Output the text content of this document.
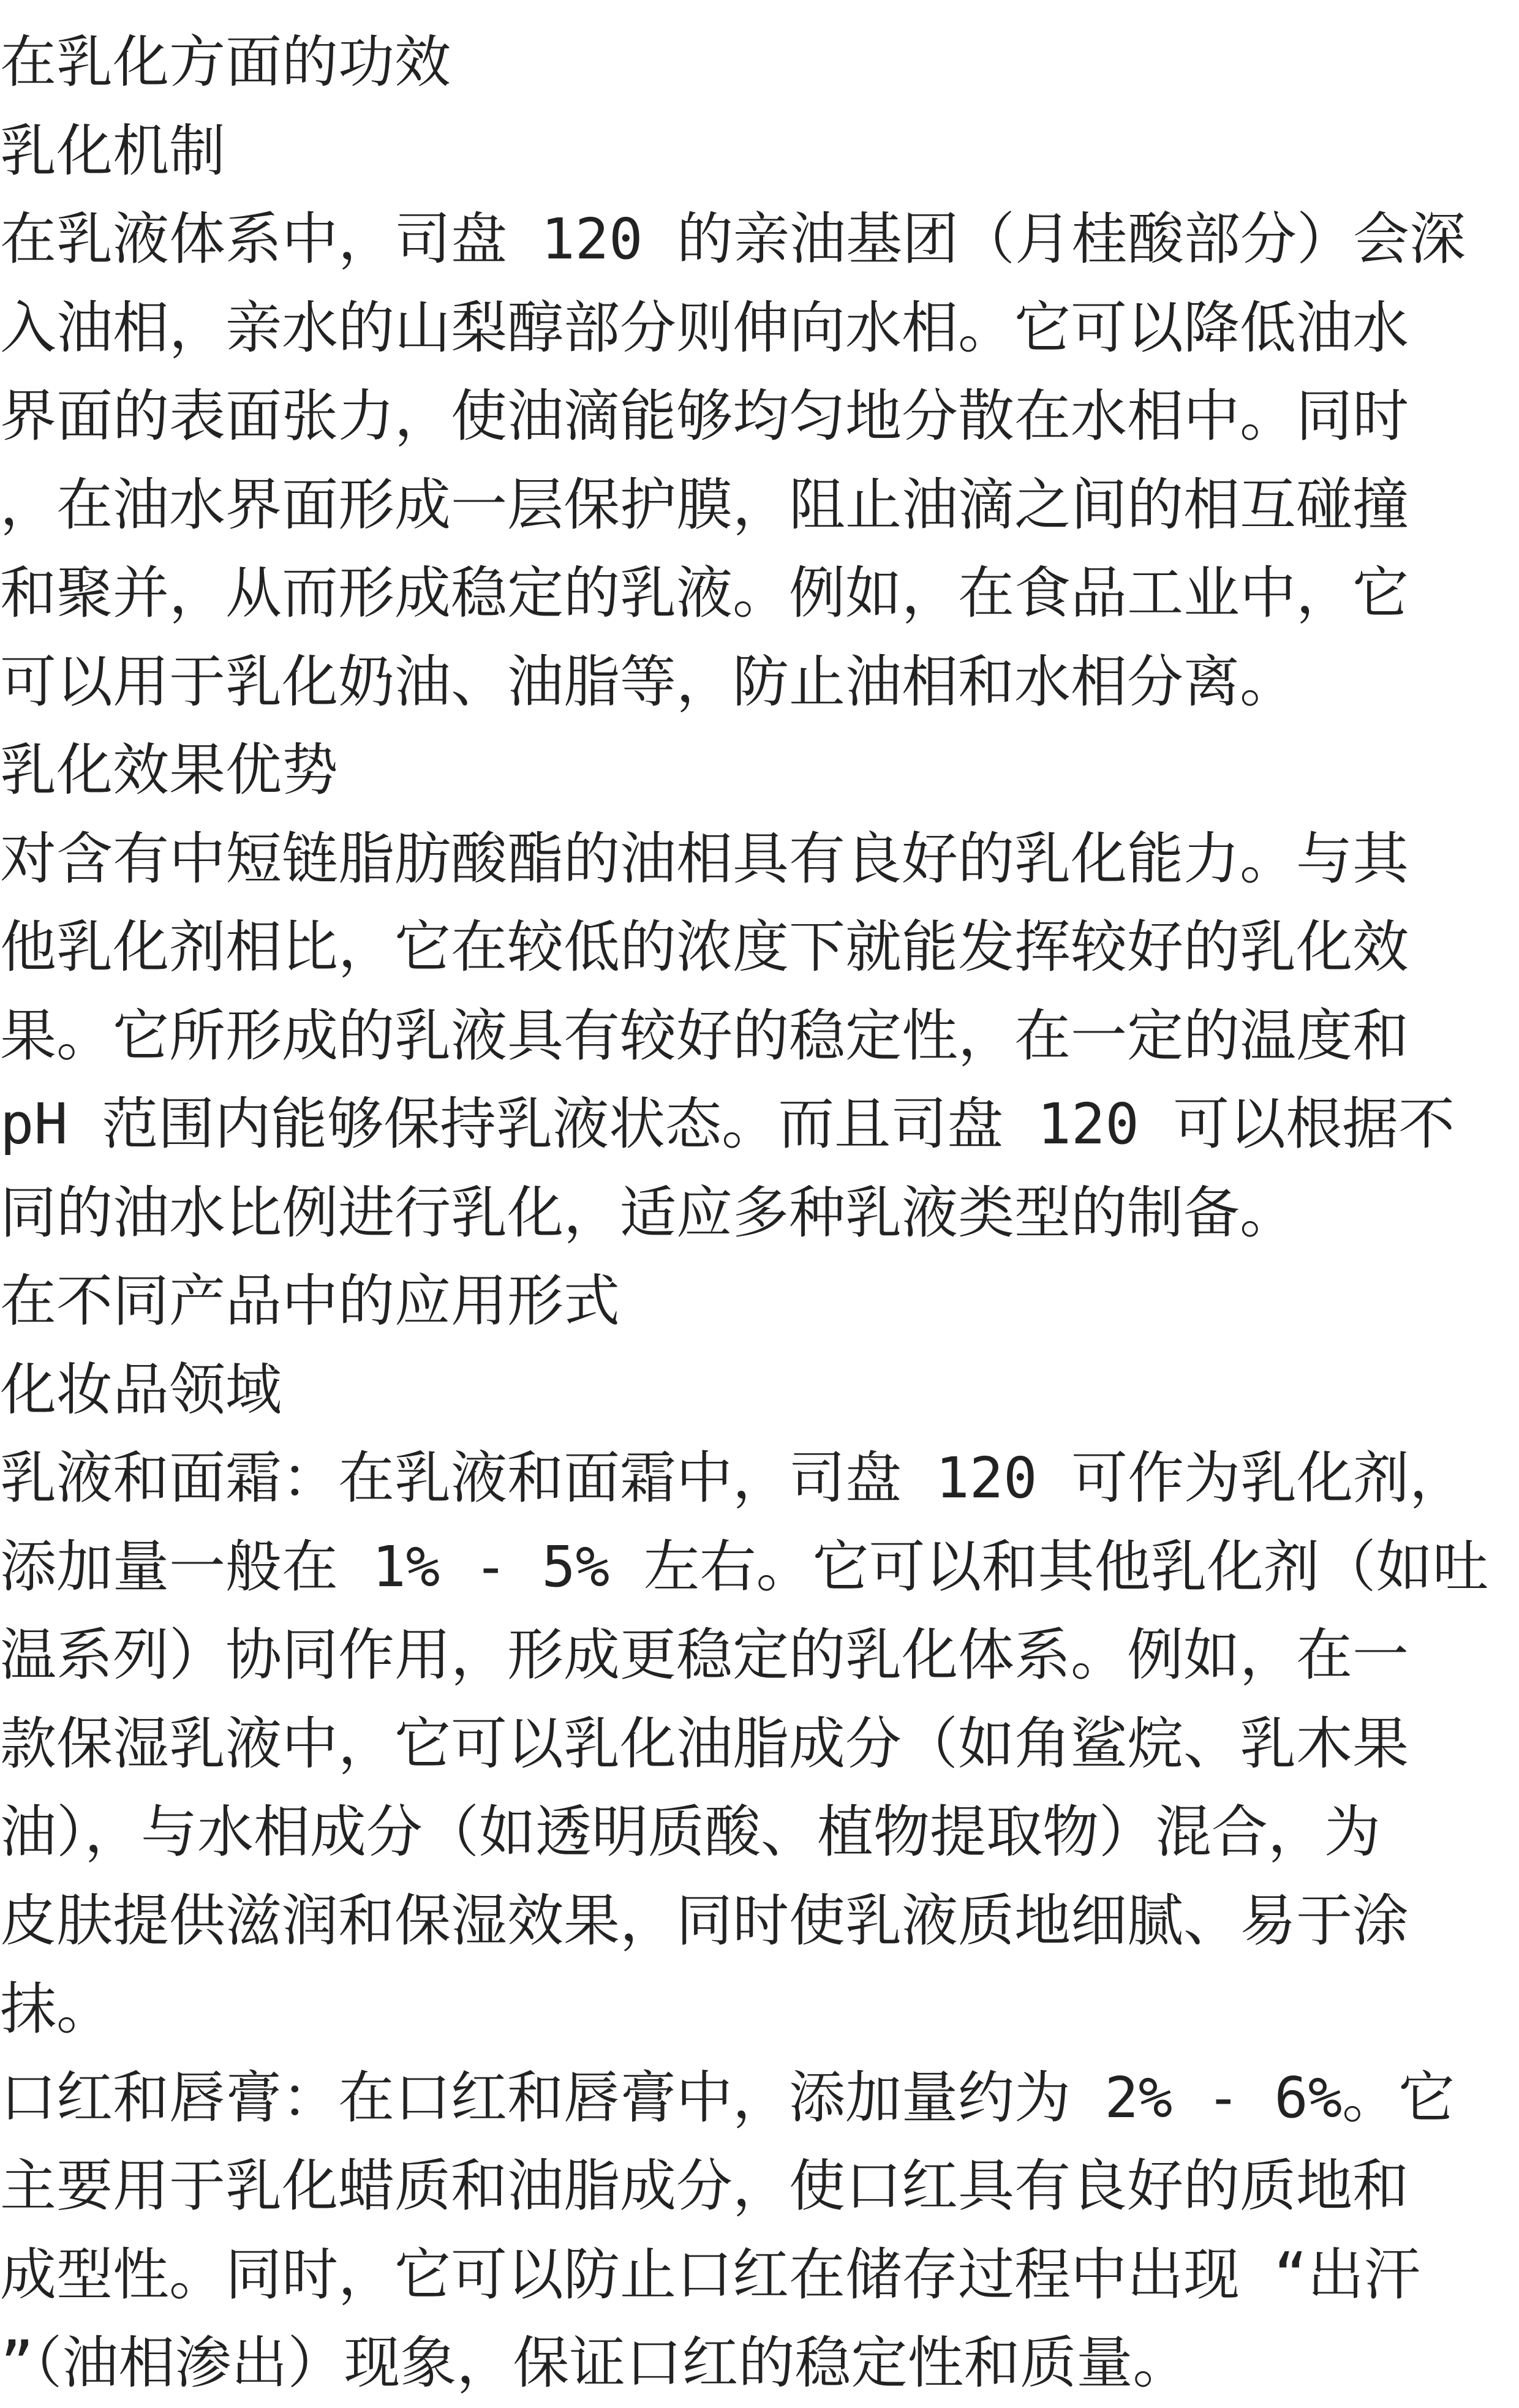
在乳化方面的功效
乳化机制
在乳液体系中，司盘 120 的亲油基团（月桂酸部分）会深
入油相，亲水的山梨醇部分则伸向水相。它可以降低油水
界面的表面张力，使油滴能够均匀地分散在水相中。同时
，在油水界面形成一层保护膜，阻止油滴之间的相互碰撞
和聚并，从而形成稳定的乳液。例如，在食品工业中，它
可以用于乳化奶油、油脂等，防止油相和水相分离。
乳化效果优势
对含有中短链脂肪酸酯的油相具有良好的乳化能力。与其
他乳化剂相比，它在较低的浓度下就能发挥较好的乳化效
果。它所形成的乳液具有较好的稳定性，在一定的温度和
pH 范围内能够保持乳液状态。而且司盘 120 可以根据不
同的油水比例进行乳化，适应多种乳液类型的制备。
在不同产品中的应用形式
化妆品领域
乳液和面霜：在乳液和面霜中，司盘 120 可作为乳化剂，
添加量一般在 1% - 5% 左右。它可以和其他乳化剂（如吐
温系列）协同作用，形成更稳定的乳化体系。例如，在一
款保湿乳液中，它可以乳化油脂成分（如角鲨烷、乳木果
油），与水相成分（如透明质酸、植物提取物）混合，为
皮肤提供滋润和保湿效果，同时使乳液质地细腻、易于涂
抹。
口红和唇膏：在口红和唇膏中，添加量约为 2% - 6%。它
主要用于乳化蜡质和油脂成分，使口红具有良好的质地和
成型性。同时，它可以防止口红在储存过程中出现 “出汗
”（油相渗出）现象，保证口红的稳定性和质量。
